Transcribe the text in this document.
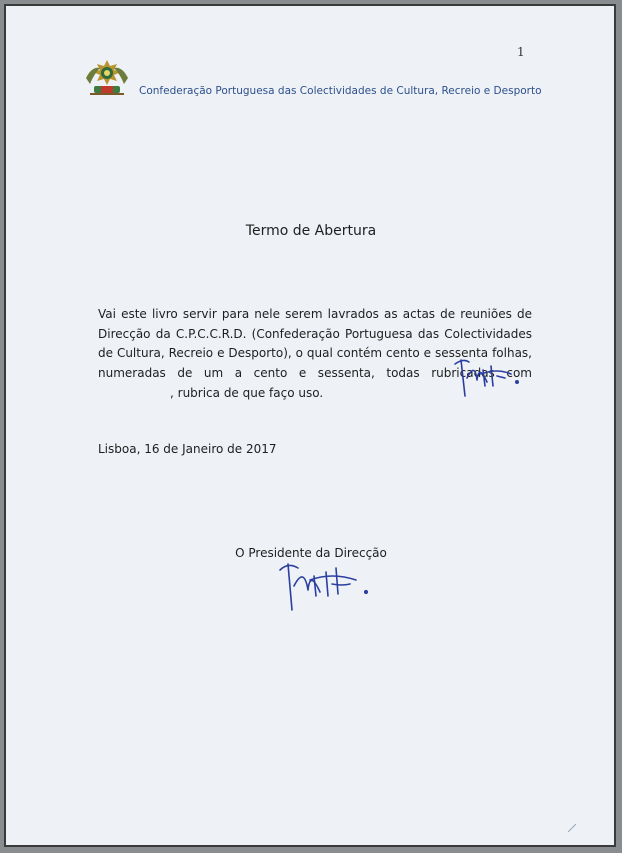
1
Confederação Portuguesa das Colectividades de Cultura, Recreio e Desporto
Termo de Abertura
Vai este livro servir para nele serem lavrados as actas de reuniões de Direcção da C.P.C.C.R.D. (Confederação Portuguesa das Colectividades de Cultura, Recreio e Desporto), o qual contém cento e sessenta folhas, numeradas de um a cento e sessenta, todas rubricadas com, rubrica de que faço uso.
Lisboa, 16 de Janeiro de 2017
O Presidente da Direcção
